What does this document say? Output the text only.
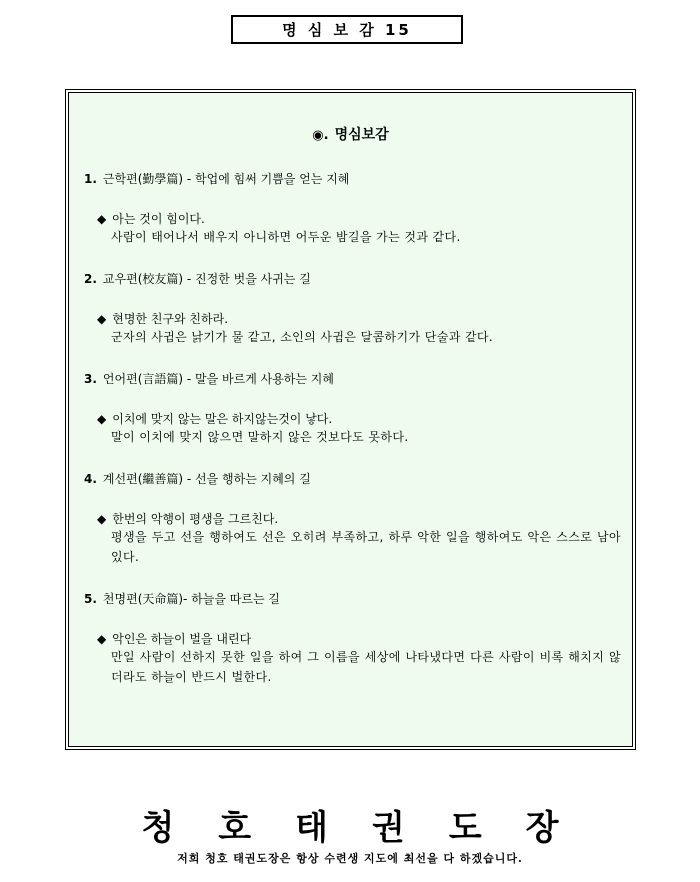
명 심 보 감 15
◉. 명심보감
1. 근학편(勤學篇) - 학업에 힘써 기쁨을 얻는 지혜
◆ 아는 것이 힘이다.
사람이 태어나서 배우지 아니하면 어두운 밤길을 가는 것과 같다.
2. 교우편(校友篇) - 진정한 벗을 사귀는 길
◆ 현명한 친구와 친하라.
군자의 사귐은 낡기가 물 같고, 소인의 사귐은 달콤하기가 단술과 같다.
3. 언어편(言語篇) - 말을 바르게 사용하는 지혜
◆ 이치에 맞지 않는 말은 하지않는것이 낳다.
말이 이치에 맞지 않으면 말하지 않은 것보다도 못하다.
4. 계선편(繼善篇) - 선을 행하는 지혜의 길
◆ 한번의 악행이 평생을 그르친다.
평생을 두고 선을 행하여도 선은 오히려 부족하고, 하루 악한 일을 행하여도 악은 스스로 남아 있다.
5. 천명편(天命篇)- 하늘을 따르는 길
◆ 악인은 하늘이 벌을 내린다
만일 사람이 선하지 못한 일을 하여 그 이름을 세상에 나타냈다면 다른 사람이 비록 해치지 않더라도 하늘이 반드시 벌한다.
청호태권도장
저희 청호 태권도장은 항상 수련생 지도에 최선을 다 하겠습니다.
